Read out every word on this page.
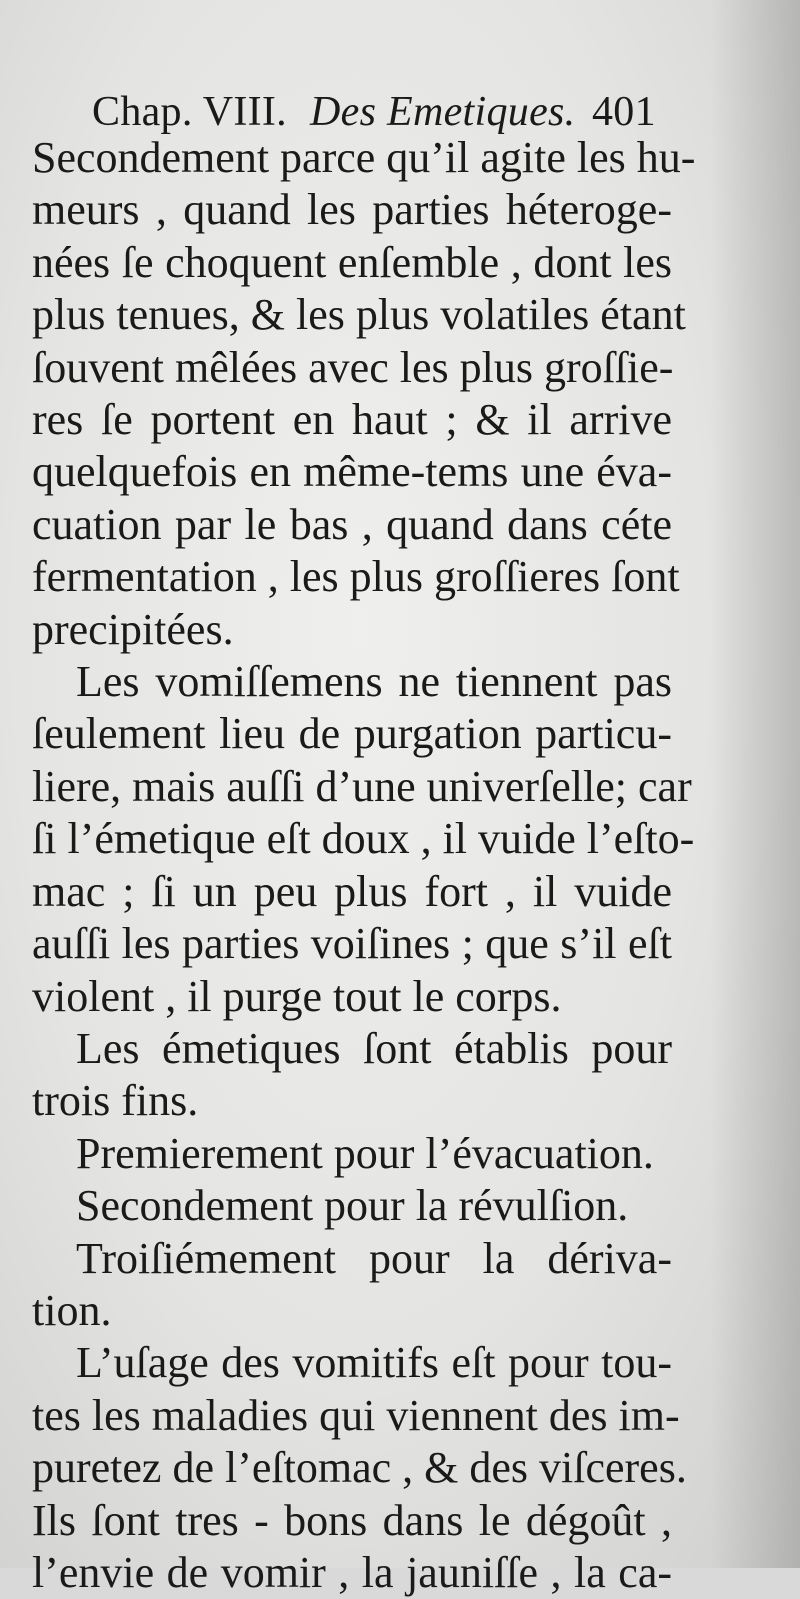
Chap. VIII. Des Emetiques. 401
Secondement parce qu’il agite les hu-
meurs , quand les parties héteroge-
nées ſe choquent enſemble , dont les
plus tenues, & les plus volatiles étant
ſouvent mêlées avec les plus groſſie-
res ſe portent en haut ; & il arrive
quelquefois en même-tems une éva-
cuation par le bas , quand dans céte
fermentation , les plus groſſieres ſont
precipitées.
Les vomiſſemens ne tiennent pas
ſeulement lieu de purgation particu-
liere, mais auſſi d’une univerſelle; car
ſi l’émetique eſt doux , il vuide l’eſto-
mac ; ſi un peu plus fort , il vuide
auſſi les parties voiſines ; que s’il eſt
violent , il purge tout le corps.
Les émetiques ſont établis pour
trois fins.
Premierement pour l’évacuation.
Secondement pour la révulſion.
Troiſiémement pour la dériva-
tion.
L’uſage des vomitifs eſt pour tou-
tes les maladies qui viennent des im-
puretez de l’eſtomac , & des viſceres.
Ils ſont tres - bons dans le dégoût ,
l’envie de vomir , la jauniſſe , la ca-
